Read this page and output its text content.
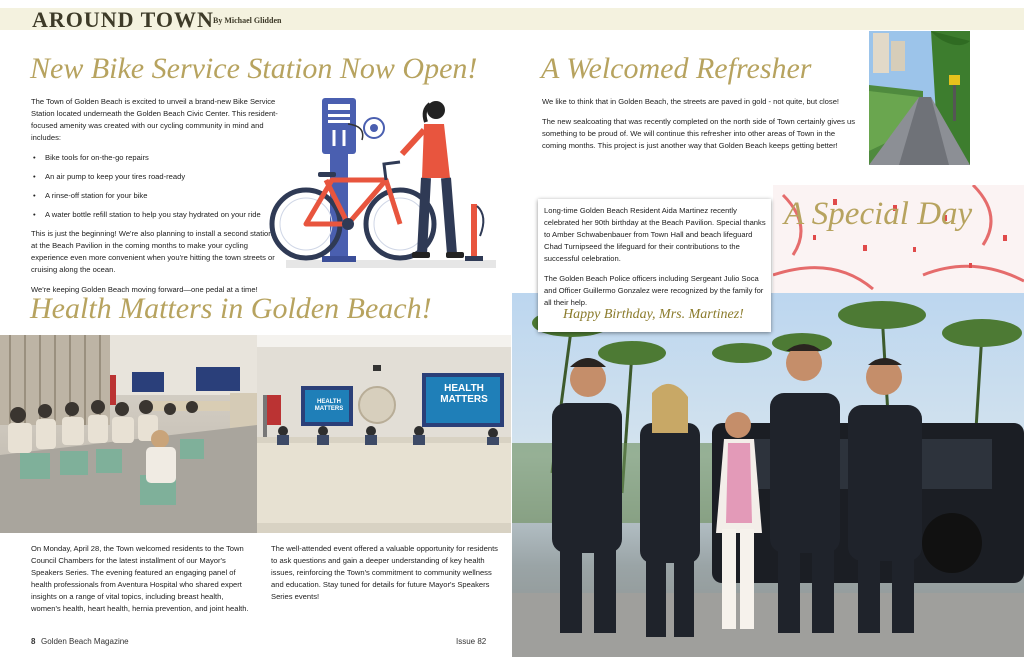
AROUND TOWN By Michael Glidden
New Bike Service Station Now Open!

The Town of Golden Beach is excited to unveil a brand-new Bike Service Station located underneath the Golden Beach Civic Center. This resident-focused amenity was created with our cycling community in mind and includes:

• Bike tools for on-the-go repairs
• An air pump to keep your tires road-ready
• A rinse-off station for your bike
• A water bottle refill station to help you stay hydrated on your ride

This is just the beginning! We're also planning to install a second station at the Beach Pavilion in the coming months to make your cycling experience even more convenient when you're hitting the town streets or cruising along the ocean.

We're keeping Golden Beach moving forward—one pedal at a time!

Health Matters in Golden Beach!
HEALTH MATTERS
HEALTH MATTERS
On Monday, April 28, the Town welcomed residents to the Town Council Chambers for the latest installment of our Mayor's Speakers Series. The evening featured an engaging panel of health professionals from Aventura Hospital who shared expert insights on a range of vital topics, including breast health, women's health, heart health, hernia prevention, and joint health.
The well-attended event offered a valuable opportunity for residents to ask questions and gain a deeper understanding of key health issues, reinforcing the Town's commitment to community wellness and education. Stay tuned for details for future Mayor's Speakers Series events!
8 Golden Beach Magazine	Issue 82
A Welcomed Refresher

We like to think that in Golden Beach, the streets are paved in gold - not quite, but close!

The new sealcoating that was recently completed on the north side of Town certainly gives us something to be proud of. We will continue this refresher into other areas of Town in the coming months. This project is just another way that Golden Beach keeps getting better!

A Special Day

Long-time Golden Beach Resident Aida Martinez recently celebrated her 90th birthday at the Beach Pavilion. Special thanks to Amber Schwabenbauer from Town Hall and beach lifeguard Chad Turnipseed the lifeguard for their contributions to the successful celebration.

The Golden Beach Police officers including Sergeant Julio Soca and Officer Guillermo Gonzalez were recognized by the family for all their help.

Happy Birthday, Mrs. Martinez!
